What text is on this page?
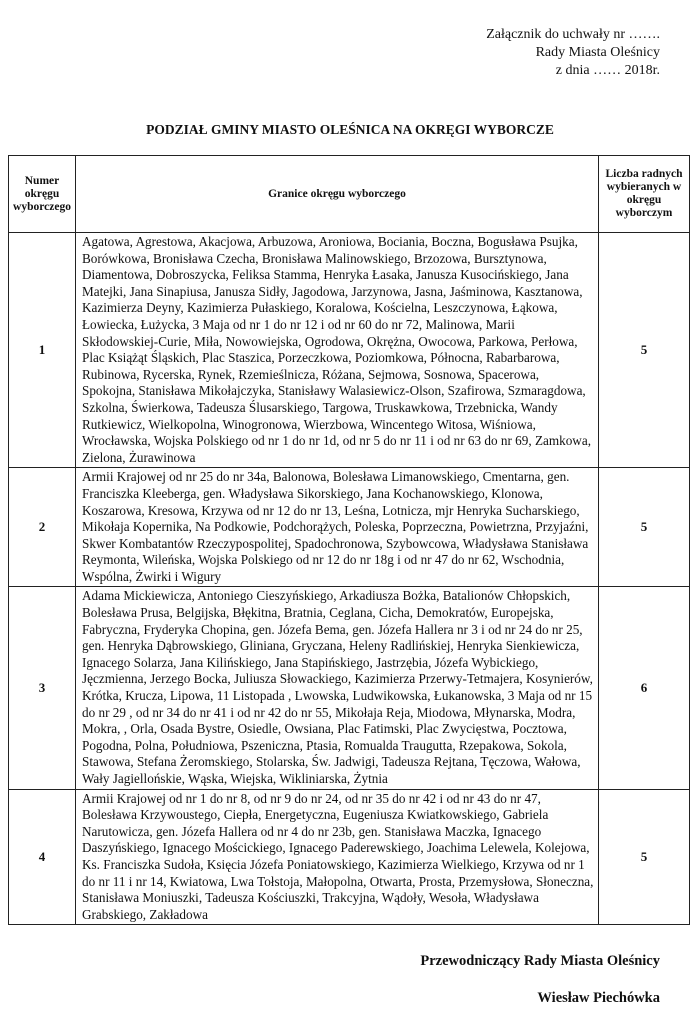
Załącznik do uchwały nr …….
Rady Miasta Oleśnicy
z dnia …… 2018r.
PODZIAŁ GMINY MIASTO OLEŚNICA NA OKRĘGI WYBORCZE
Numer okręgu wyborczego	Granice okręgu wyborczego	Liczba radnych wybieranych w okręgu wyborczym
1	Agatowa, Agrestowa, Akacjowa, Arbuzowa, Aroniowa, Bociania, Boczna, Bogusława Psujka, Borówkowa, Bronisława Czecha, Bronisława Malinowskiego, Brzozowa, Bursztynowa, Diamentowa, Dobroszycka, Feliksa Stamma, Henryka Łasaka, Janusza Kusocińskiego, Jana Matejki, Jana Sinapiusa, Janusza Sidły, Jagodowa, Jarzynowa, Jasna, Jaśminowa, Kasztanowa, Kazimierza Deyny, Kazimierza Pułaskiego, Koralowa, Kościelna, Leszczynowa, Łąkowa, Łowiecka, Łużycka, 3 Maja od nr 1 do nr 12 i od nr 60 do nr 72, Malinowa, Marii Skłodowskiej-Curie, Miła, Nowowiejska, Ogrodowa, Okrężna, Owocowa, Parkowa, Perłowa, Plac Książąt Śląskich, Plac Staszica, Porzeczkowa, Poziomkowa, Północna, Rabarbarowa, Rubinowa, Rycerska, Rynek, Rzemieślnicza, Różana, Sejmowa, Sosnowa, Spacerowa, Spokojna, Stanisława Mikołajczyka, Stanisławy Walasiewicz-Olson, Szafirowa, Szmaragdowa, Szkolna, Świerkowa, Tadeusza Ślusarskiego, Targowa, Truskawkowa, Trzebnicka, Wandy Rutkiewicz, Wielkopolna, Winogronowa, Wierzbowa, Wincentego Witosa, Wiśniowa, Wrocławska, Wojska Polskiego od nr 1 do nr 1d, od nr 5 do nr 11 i od nr 63 do nr 69, Zamkowa, Zielona, Żurawinowa	5
2	Armii Krajowej od nr 25 do nr 34a, Balonowa, Bolesława Limanowskiego, Cmentarna, gen. Franciszka Kleeberga, gen. Władysława Sikorskiego, Jana Kochanowskiego, Klonowa, Koszarowa, Kresowa, Krzywa od nr 12 do nr 13, Leśna, Lotnicza, mjr Henryka Sucharskiego, Mikołaja Kopernika, Na Podkowie, Podchorążych, Poleska, Poprzeczna, Powietrzna, Przyjaźni, Skwer Kombatantów Rzeczypospolitej, Spadochronowa, Szybowcowa, Władysława Stanisława Reymonta, Wileńska, Wojska Polskiego od nr 12 do nr 18g i od nr 47 do nr 62, Wschodnia, Wspólna, Żwirki i Wigury	5
3	Adama Mickiewicza, Antoniego Cieszyńskiego, Arkadiusza Bożka, Batalionów Chłopskich, Bolesława Prusa, Belgijska, Błękitna, Bratnia, Ceglana, Cicha, Demokratów, Europejska, Fabryczna, Fryderyka Chopina, gen. Józefa Bema, gen. Józefa Hallera nr 3 i od nr 24 do nr 25, gen. Henryka Dąbrowskiego, Gliniana, Gryczana, Heleny Radlińskiej, Henryka Sienkiewicza, Ignacego Solarza, Jana Kilińskiego, Jana Stapińskiego, Jastrzębia, Józefa Wybickiego, Jęczmienna, Jerzego Bocka, Juliusza Słowackiego, Kazimierza Przerwy-Tetmajera, Kosynierów, Krótka, Krucza, Lipowa, 11 Listopada , Lwowska, Ludwikowska, Łukanowska, 3 Maja od nr 15 do nr 29 , od nr 34 do nr 41 i od nr 42 do nr 55, Mikołaja Reja, Miodowa, Młynarska, Modra, Mokra, , Orla, Osada Bystre, Osiedle, Owsiana, Plac Fatimski, Plac Zwycięstwa, Pocztowa, Pogodna, Polna, Południowa, Pszeniczna, Ptasia, Romualda Traugutta, Rzepakowa, Sokola, Stawowa, Stefana Żeromskiego, Stolarska, Św. Jadwigi, Tadeusza Rejtana, Tęczowa, Wałowa, Wały Jagiellońskie, Wąska, Wiejska, Wikliniarska, Żytnia	6
4	Armii Krajowej od nr 1 do nr 8, od nr 9 do nr 24, od nr 35 do nr 42 i od nr 43 do nr 47, Bolesława Krzywoustego, Ciepła, Energetyczna, Eugeniusza Kwiatkowskiego, Gabriela Narutowicza, gen. Józefa Hallera od nr 4 do nr 23b, gen. Stanisława Maczka, Ignacego Daszyńskiego, Ignacego Mościckiego, Ignacego Paderewskiego, Joachima Lelewela, Kolejowa, Ks. Franciszka Sudoła, Księcia Józefa Poniatowskiego, Kazimierza Wielkiego, Krzywa od nr 1 do nr 11 i nr 14, Kwiatowa, Lwa Tołstoja, Małopolna, Otwarta, Prosta, Przemysłowa, Słoneczna, Stanisława Moniuszki, Tadeusza Kościuszki, Trakcyjna, Wądoły, Wesoła, Władysława Grabskiego, Zakładowa	5
Przewodniczący Rady Miasta Oleśnicy
Wiesław Piechówka
